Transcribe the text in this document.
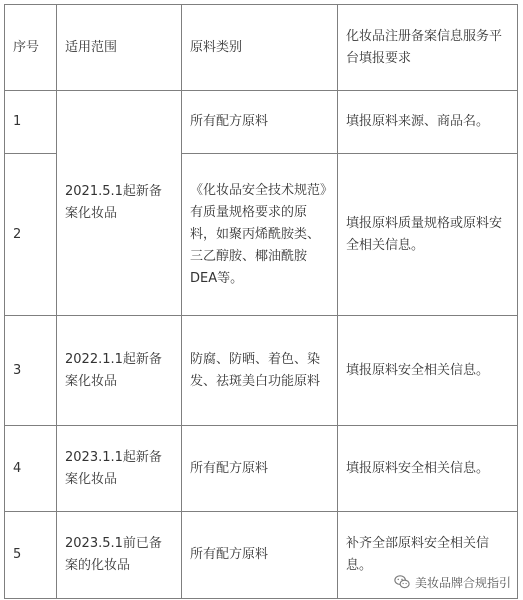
序号	适用范围	原料类别	化妆品注册备案信息服务平台填报要求
1	2021.5.1起新备案化妆品	所有配方原料	填报原料来源、商品名。
2		《化妆品安全技术规范》有质量规格要求的原料，如聚丙烯酰胺类、三乙醇胺、椰油酰胺DEA等。	填报原料质量规格或原料安全相关信息。
3	2022.1.1起新备案化妆品	防腐、防晒、着色、染发、祛斑美白功能原料	填报原料安全相关信息。
4	2023.1.1起新备案化妆品	所有配方原料	填报原料安全相关信息。
5	2023.5.1前已备案的化妆品	所有配方原料	补齐全部原料安全相关信息。
美妆品牌合规指引
